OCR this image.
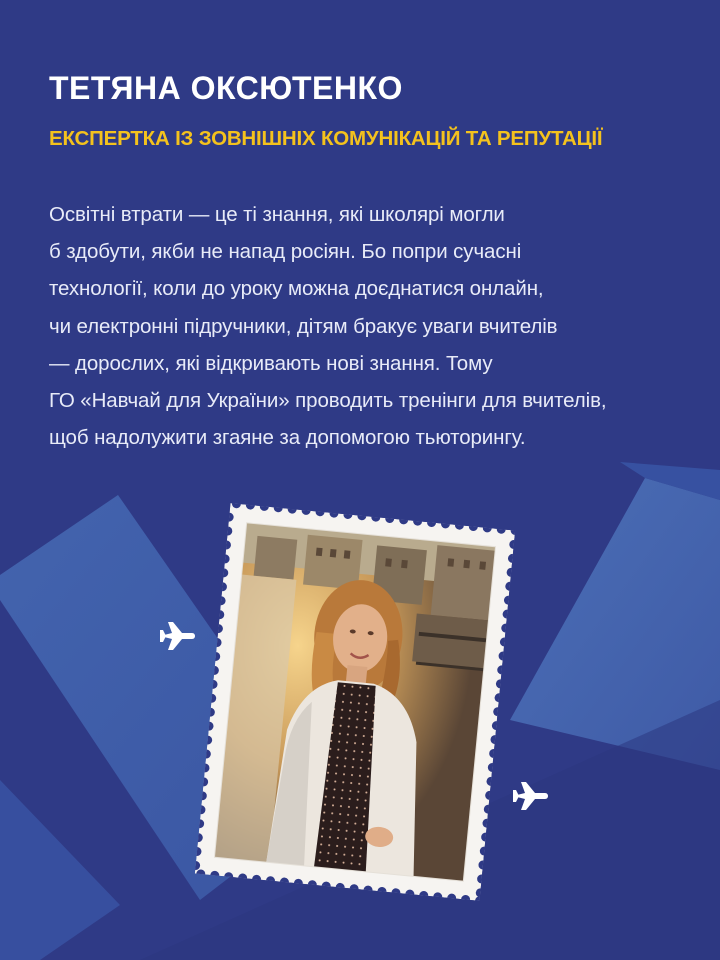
ТЕТЯНА ОКСЮТЕНКО
ЕКСПЕРТКА ІЗ ЗОВНІШНІХ КОМУНІКАЦІЙ ТА РЕПУТАЦІЇ

Освітні втрати — це ті знання, які школярі могли
б здобути, якби не напад росіян. Бо попри сучасні
технології, коли до уроку можна доєднатися онлайн,
чи електронні підручники, дітям бракує уваги вчителів
— дорослих, які відкривають нові знання. Тому
ГО «Навчай для України» проводить тренінги для вчителів,
щоб надолужити згаяне за допомогою тьюторингу.
